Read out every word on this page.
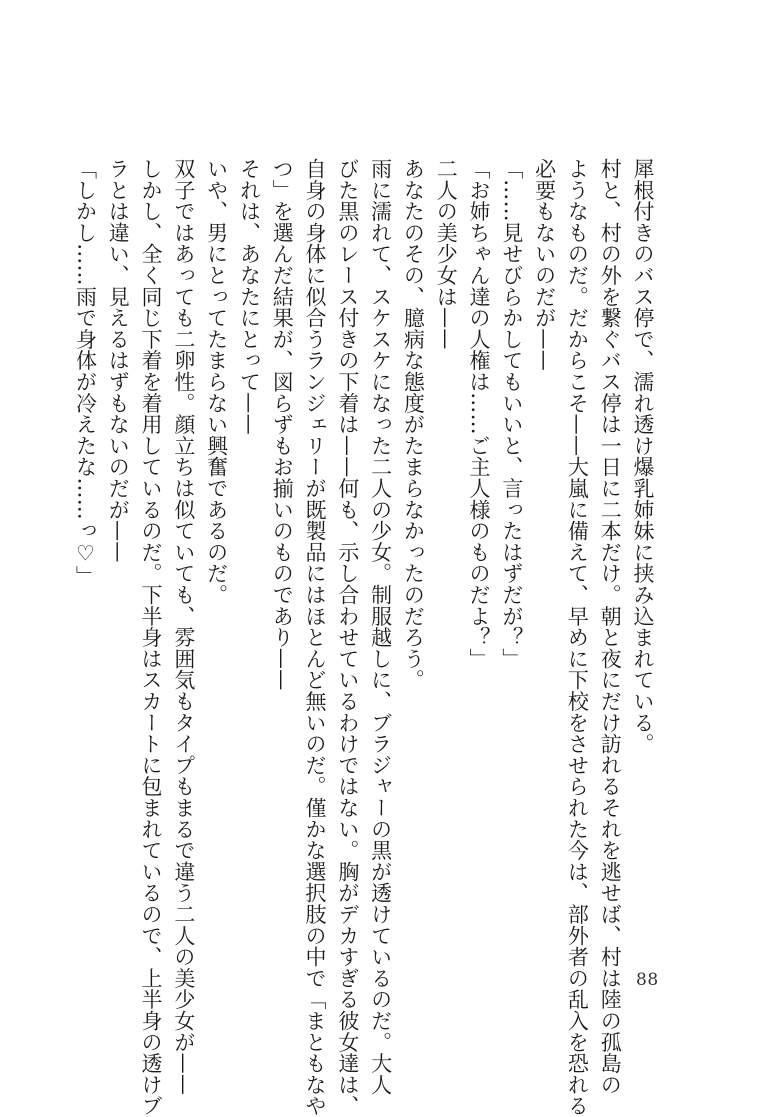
犀根付きのバス停で、濡れ透け爆乳姉妹に挟み込まれている。
村と、村の外を繋ぐバス停は一日に二本だけ。朝と夜にだけ訪れるそれを逃せば、村は陸の孤島の
ようなものだ。だからこそ——大嵐に備えて、早めに下校をさせられた今は、部外者の乱入を恐れる
必要もないのだが——
「……見せびらかしてもいいと、言ったはずだが？」
「お姉ちゃん達の人権は……ご主人様のものだよ？」
二人の美少女は——
あなたのその、臆病な態度がたまらなかったのだろう。
雨に濡れて、スケスケになった二人の少女。制服越しに、ブラジャーの黒が透けているのだ。大人
びた黒のレース付きの下着は——何も、示し合わせているわけではない。胸がデカすぎる彼女達は、
自身の身体に似合うランジェリーが既製品にはほとんど無いのだ。僅かな選択肢の中で「まともなや
つ」を選んだ結果が、図らずもお揃いのものであり——
それは、あなたにとって——
いや、男にとってたまらない興奮であるのだ。
双子ではあっても二卵性。顔立ちは似ていても、雰囲気もタイプもまるで違う二人の美少女が——
しかし、全く同じ下着を着用しているのだ。下半身はスカートに包まれているので、上半身の透けブ
ラとは違い、見えるはずもないのだが——
「しかし……雨で身体が冷えたな……っ♡」
88
